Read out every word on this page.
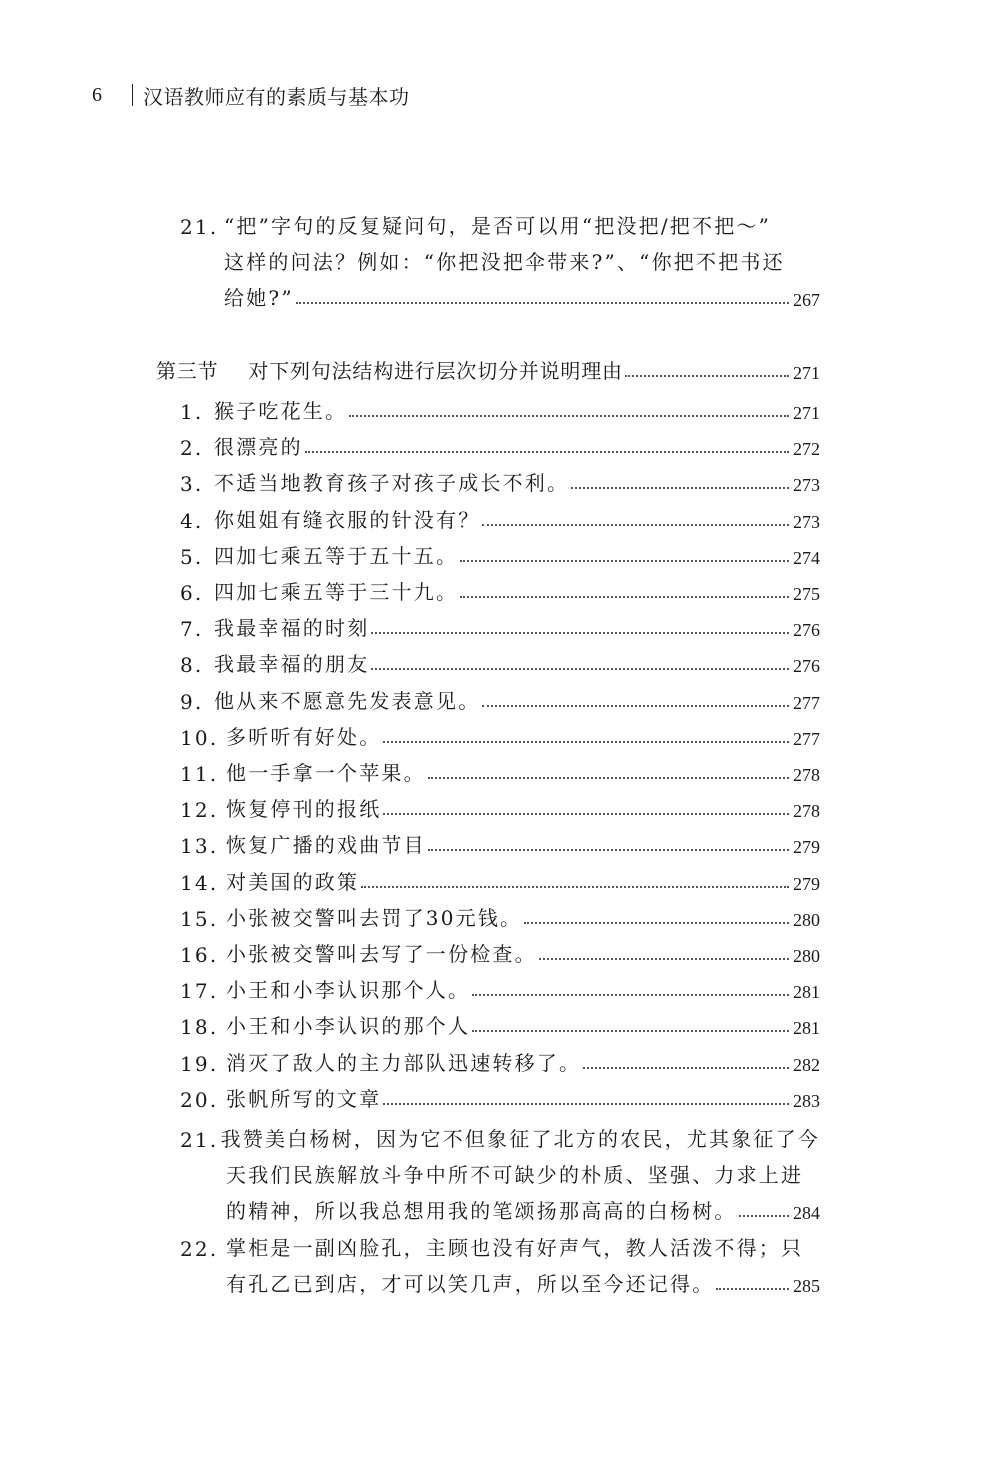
6	汉语教师应有的素质与基本功
21. “把”字句的反复疑问句，是否可以用“把没把/把不把～”
这样的问法？例如：“你把没把伞带来?”、“你把不把书还
给她?”	267
第三节 对下列句法结构进行层次切分并说明理由	271
1. 猴子吃花生。	271
2. 很漂亮的	272
3. 不适当地教育孩子对孩子成长不利。	273
4. 你姐姐有缝衣服的针没有？	273
5. 四加七乘五等于五十五。	274
6. 四加七乘五等于三十九。	275
7. 我最幸福的时刻	276
8. 我最幸福的朋友	276
9. 他从来不愿意先发表意见。	277
10. 多听听有好处。	277
11. 他一手拿一个苹果。	278
12. 恢复停刊的报纸	278
13. 恢复广播的戏曲节目	279
14. 对美国的政策	279
15. 小张被交警叫去罚了30元钱。	280
16. 小张被交警叫去写了一份检查。	280
17. 小王和小李认识那个人。	281
18. 小王和小李认识的那个人	281
19. 消灭了敌人的主力部队迅速转移了。	282
20. 张帆所写的文章	283
21. 我赞美白杨树，因为它不但象征了北方的农民，尤其象征了今
天我们民族解放斗争中所不可缺少的朴质、坚强、力求上进
的精神，所以我总想用我的笔颂扬那高高的白杨树。	284
22. 掌柜是一副凶脸孔，主顾也没有好声气，教人活泼不得；只
有孔乙已到店，才可以笑几声，所以至今还记得。	285
